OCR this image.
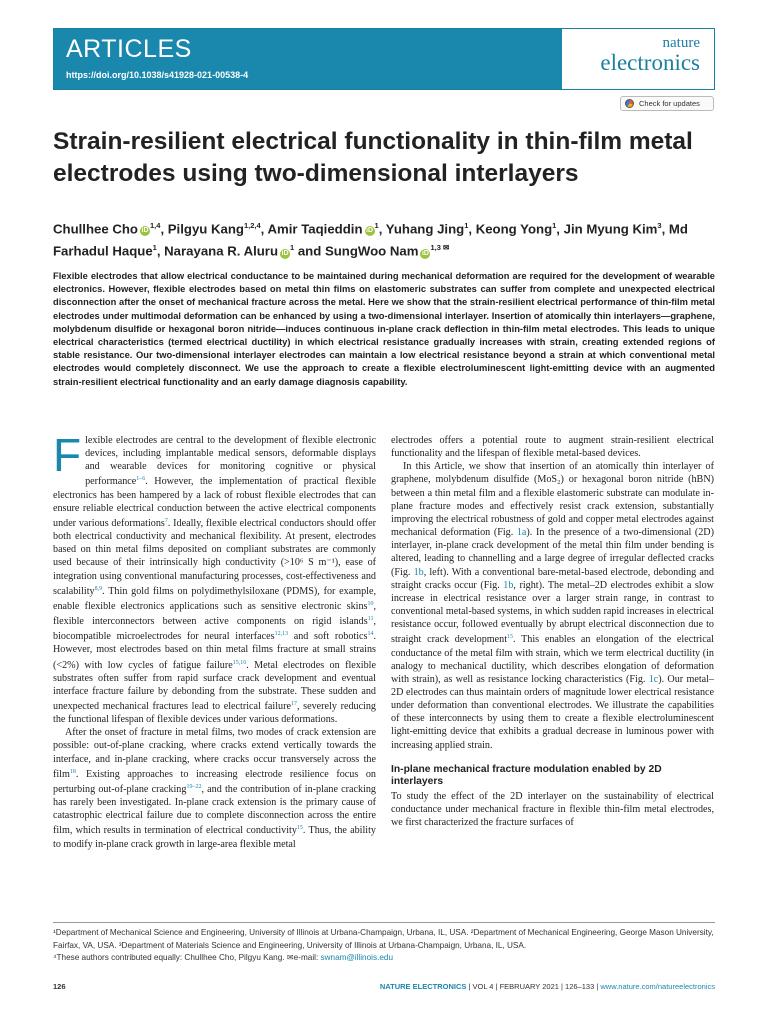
ARTICLES
https://doi.org/10.1038/s41928-021-00538-4
nature
electronics
Check for updates
Strain-resilient electrical functionality in thin-film metal electrodes using two-dimensional interlayers
Chullhee Cho iD$^{1,4}$, Pilgyu Kang$^{1,2,4}$, Amir Taqieddin $iD^1$, Yuhang Jing$^1$, Keong Yong$^1$, Jin Myung Kim$^3$, Md Farhadul Haque$^1$, Narayana R. Aluru $iD^1$ and SungWoo Nam $iD^{1,3 ✉}$
Flexible electrodes that allow electrical conductance to be maintained during mechanical deformation are required for the development of wearable electronics. However, flexible electrodes based on metal thin films on elastomeric substrates can suffer from complete and unexpected electrical disconnection after the onset of mechanical fracture across the metal. Here we show that the strain-resilient electrical performance of thin-film metal electrodes under multimodal deformation can be enhanced by using a two-dimensional interlayer. Insertion of atomically thin interlayers—graphene, molybdenum disulfide or hexagonal boron nitride—induces continuous in-plane crack deflection in thin-film metal electrodes. This leads to unique electrical characteristics (termed electrical ductility) in which electrical resistance gradually increases with strain, creating extended regions of stable resistance. Our two-dimensional interlayer electrodes can maintain a low electrical resistance beyond a strain at which conventional metal electrodes would completely disconnect. We use the approach to create a flexible electroluminescent light-emitting device with an augmented strain-resilient electrical functionality and an early damage diagnosis capability.

Flexible electrodes are central to the development of flexible electronic devices, including implantable medical sensors, deformable displays and wearable devices for monitoring cognitive or physical performance$^{1-6}$. However, the implementation of practical flexible electronics has been hampered by a lack of robust flexible electrodes that can ensure reliable electrical conduction between the active electrical components under various deformations$^7$. Ideally, flexible electrical conductors should offer both electrical conductivity and mechanical flexibility. At present, electrodes based on thin metal films deposited on compliant substrates are commonly used because of their intrinsically high conductivity (>10⁶ S m⁻¹), ease of integration using conventional manufacturing processes, cost-effectiveness and scalability$^{8,9}$. Thin gold films on polydimethylsiloxane (PDMS), for example, enable flexible electronics applications such as sensitive electronic skins$^{10}$, flexible interconnectors between active components on rigid islands$^{11}$, biocompatible microelectrodes for neural interfaces$^{12,13}$ and soft robotics$^{14}$. However, most electrodes based on thin metal films fracture at small strains (<2%) with low cycles of fatigue failure$^{15,16}$. Metal electrodes on flexible substrates often suffer from rapid surface crack development and eventual interface fracture failure by debonding from the substrate. These sudden and unexpected mechanical fractures lead to electrical failure$^{17}$, severely reducing the functional lifespan of flexible devices under various deformations.

After the onset of fracture in metal films, two modes of crack extension are possible: out-of-plane cracking, where cracks extend vertically towards the interface, and in-plane cracking, where cracks occur transversely across the film$^{18}$. Existing approaches to increasing electrode resilience focus on perturbing out-of-plane cracking$^{19-22}$, and the contribution of in-plane cracking has rarely been investigated. In-plane crack extension is the primary cause of catastrophic electrical failure due to complete disconnection across the entire film, which results in termination of electrical conductivity$^{15}$. Thus, the ability to modify in-plane crack growth in large-area flexible metal

electrodes offers a potential route to augment strain-resilient electrical functionality and the lifespan of flexible metal-based devices.

In this Article, we show that insertion of an atomically thin interlayer of graphene, molybdenum disulfide (MoS₂) or hexagonal boron nitride (hBN) between a thin metal film and a flexible elastomeric substrate can modulate in-plane fracture modes and effectively resist crack extension, substantially improving the electrical robustness of gold and copper metal electrodes against mechanical deformation (Fig. 1a). In the presence of a two-dimensional (2D) interlayer, in-plane crack development of the metal thin film under bending is altered, leading to channelling and a large degree of irregular deflected cracks (Fig. 1b, left). With a conventional bare-metal-based electrode, debonding and straight cracks occur (Fig. 1b, right). The metal–2D electrodes exhibit a slow increase in electrical resistance over a larger strain range, in contrast to conventional metal-based systems, in which sudden rapid increases in electrical resistance occur, followed eventually by abrupt electrical disconnection due to straight crack development$^{15}$. This enables an elongation of the electrical conductance of the metal film with strain, which we term electrical ductility (in analogy to mechanical ductility, which describes elongation of deformation with strain), as well as resistance locking characteristics (Fig. 1c). Our metal–2D electrodes can thus maintain orders of magnitude lower electrical resistance under deformation than conventional electrodes. We illustrate the capabilities of these interconnects by using them to create a flexible electroluminescent light-emitting device that exhibits a gradual decrease in luminous power with increasing applied strain.

In-plane mechanical fracture modulation enabled by 2D interlayers

To study the effect of the 2D interlayer on the sustainability of electrical conductance under mechanical fracture in flexible thin-film metal electrodes, we first characterized the fracture surfaces of

¹Department of Mechanical Science and Engineering, University of Illinois at Urbana-Champaign, Urbana, IL, USA. ²Department of Mechanical Engineering, George Mason University, Fairfax, VA, USA. ³Department of Materials Science and Engineering, University of Illinois at Urbana-Champaign, Urbana, IL, USA.
⁴These authors contributed equally: Chullhee Cho, Pilgyu Kang. ✉e-mail: swnam@illinois.edu
126	NATURE ELECTRONICS | VOL 4 | FEBRUARY 2021 | 126–133 | www.nature.com/natureelectronics
